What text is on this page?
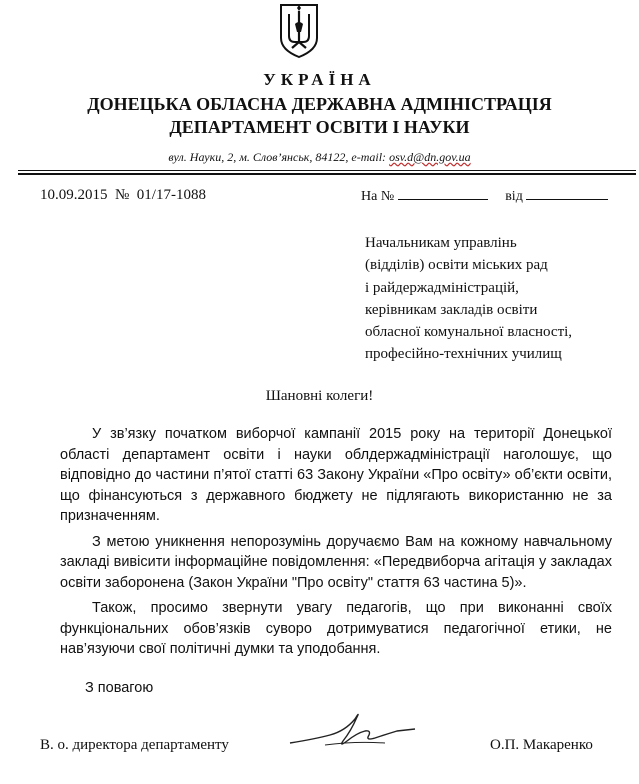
УКРАЇНА
ДОНЕЦЬКА ОБЛАСНА ДЕРЖАВНА АДМІНІСТРАЦІЯ
ДЕПАРТАМЕНТ ОСВІТИ І НАУКИ
вул. Науки, 2, м. Слов’янськ, 84122, e-mail: osv.d@dn.gov.ua
10.09.2015  №  01/17-1088	На №	від
Начальникам управлінь
(відділів) освіти міських рад
і райдержадміністрацій,
керівникам закладів освіти
обласної комунальної власності,
професійно-технічних училищ
Шановні колеги!

У зв’язку початком виборчої кампанії 2015 року на території Донецької області департамент освіти і науки облдержадміністрації наголошує, що відповідно до частини п’ятої статті 63 Закону України «Про освіту» об’єкти освіти, що фінансуються з державного бюджету не підлягають використанню не за призначенням.

З метою уникнення непорозумінь доручаємо Вам на кожному навчальному закладі вивісити інформаційне повідомлення: «Передвиборча агітація у закладах освіти заборонена (Закон України "Про освіту" стаття 63 частина 5)».

Також, просимо звернути увагу педагогів, що при виконанні своїх функціональних обов’язків суворо дотримуватися педагогічної етики, не нав’язуючи свої політичні думки та уподобання.

З повагою
В. о. директора департаменту	О.П. Макаренко
